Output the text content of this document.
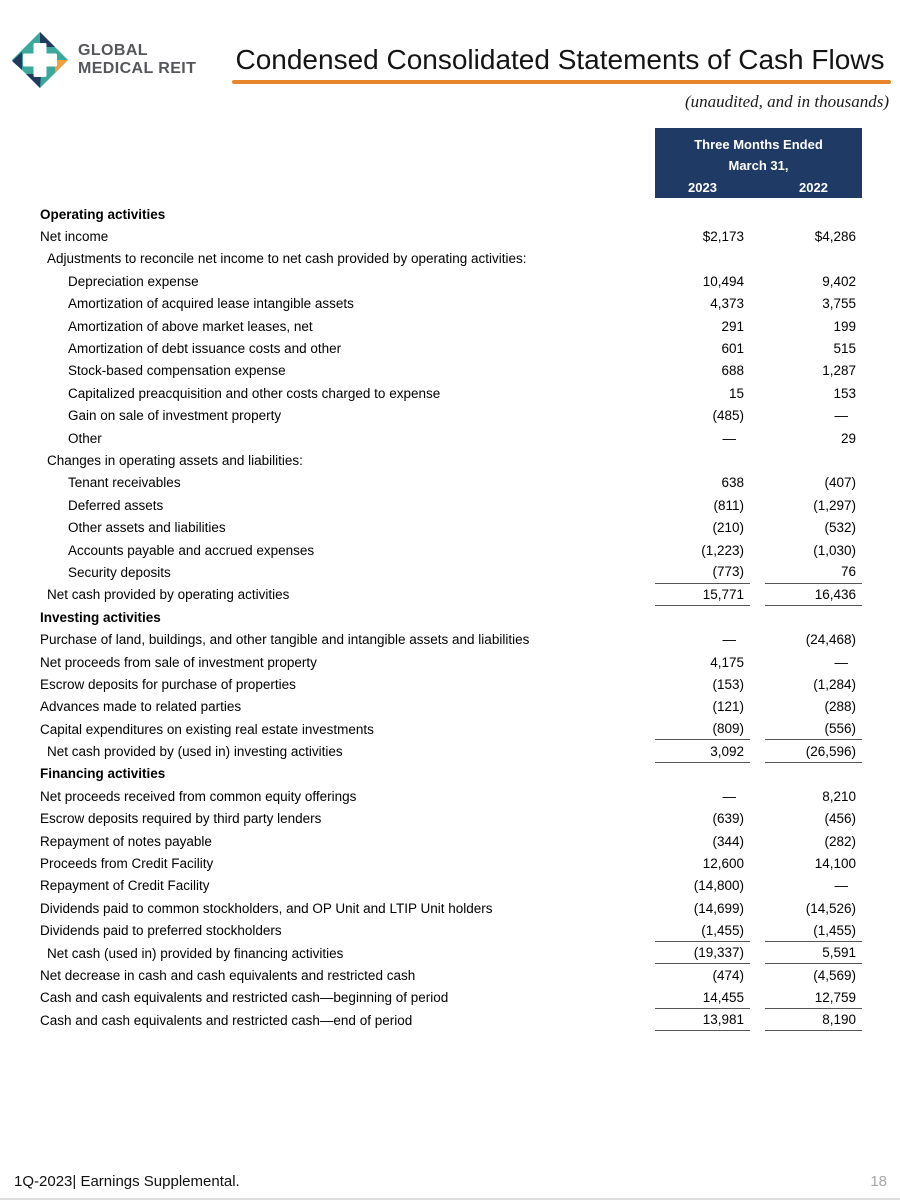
GLOBAL
MEDICAL REIT Condensed Consolidated Statements of Cash Flows
(unaudited, and in thousands)
Three Months Ended
March 31,
2023	2022
Operating activities
Net income	$2,173	$4,286
Adjustments to reconcile net income to net cash provided by operating activities:
Depreciation expense	10,494	9,402
Amortization of acquired lease intangible assets	4,373	3,755
Amortization of above market leases, net	291	199
Amortization of debt issuance costs and other	601	515
Stock-based compensation expense	688	1,287
Capitalized preacquisition and other costs charged to expense	15	153
Gain on sale of investment property	(485)	—
Other	—	29
Changes in operating assets and liabilities:
Tenant receivables	638	(407)
Deferred assets	(811)	(1,297)
Other assets and liabilities	(210)	(532)
Accounts payable and accrued expenses	(1,223)	(1,030)
Security deposits	(773)	76
Net cash provided by operating activities	15,771	16,436
Investing activities
Purchase of land, buildings, and other tangible and intangible assets and liabilities	—	(24,468)
Net proceeds from sale of investment property	4,175	—
Escrow deposits for purchase of properties	(153)	(1,284)
Advances made to related parties	(121)	(288)
Capital expenditures on existing real estate investments	(809)	(556)
Net cash provided by (used in) investing activities	3,092	(26,596)
Financing activities
Net proceeds received from common equity offerings	—	8,210
Escrow deposits required by third party lenders	(639)	(456)
Repayment of notes payable	(344)	(282)
Proceeds from Credit Facility	12,600	14,100
Repayment of Credit Facility	(14,800)	—
Dividends paid to common stockholders, and OP Unit and LTIP Unit holders	(14,699)	(14,526)
Dividends paid to preferred stockholders	(1,455)	(1,455)
Net cash (used in) provided by financing activities	(19,337)	5,591
Net decrease in cash and cash equivalents and restricted cash	(474)	(4,569)
Cash and cash equivalents and restricted cash—beginning of period	14,455	12,759
Cash and cash equivalents and restricted cash—end of period	13,981	8,190
1Q-2023| Earnings Supplemental.	18
